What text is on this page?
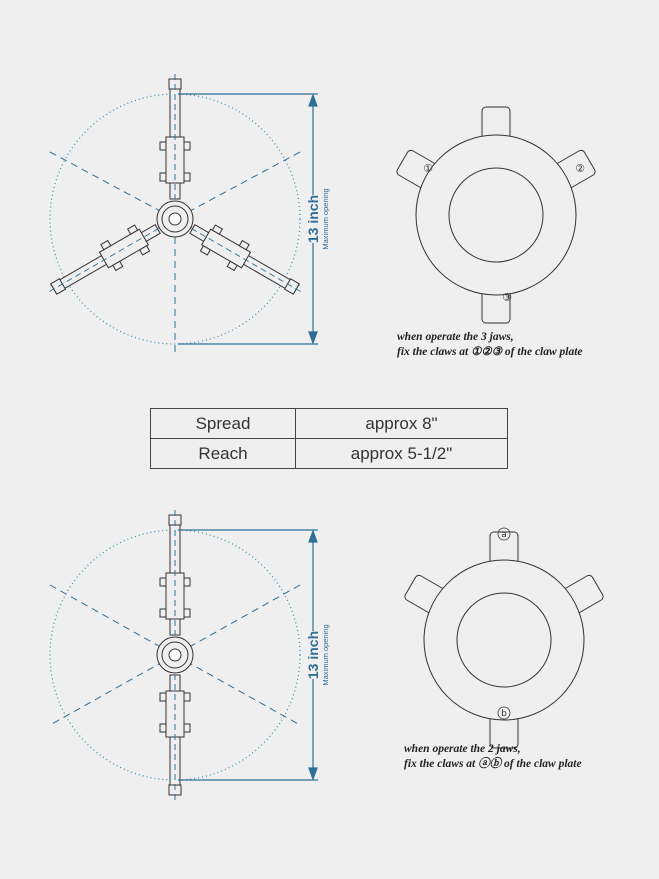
13 inch Maximum opening
13 inch Maximum opening
①	②
③
a
b
when operate the 3 jaws,
fix the claws at ①②③ of the claw plate
Spread	approx 8"
Reach	approx 5-1/2"
when operate the 2 jaws,
fix the claws at ⓐⓑ of the claw plate
